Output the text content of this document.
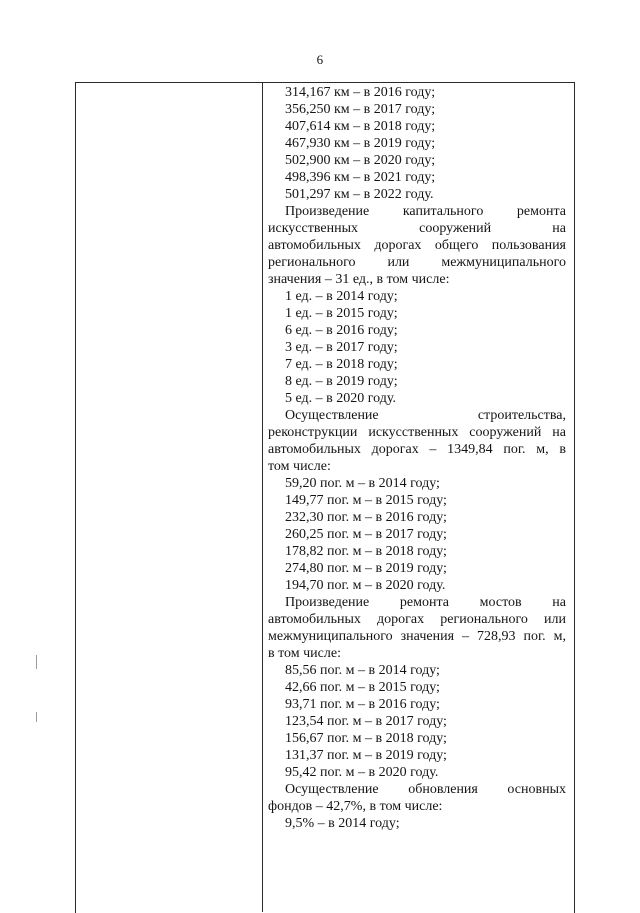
6
314,167 км – в 2016 году;
356,250 км – в 2017 году;
407,614 км – в 2018 году;
467,930 км – в 2019 году;
502,900 км – в 2020 году;
498,396 км – в 2021 году;
501,297 км – в 2022 году.
Произведение капитального ремонта
искусственных сооружений на
автомобильных дорогах общего пользования
регионального или межмуниципального
значения – 31 ед., в том числе:
1 ед. – в 2014 году;
1 ед. – в 2015 году;
6 ед. – в 2016 году;
3 ед. – в 2017 году;
7 ед. – в 2018 году;
8 ед. – в 2019 году;
5 ед. – в 2020 году.
Осуществление строительства,
реконструкции искусственных сооружений на
автомобильных дорогах – 1349,84 пог. м, в
том числе:
59,20 пог. м – в 2014 году;
149,77 пог. м – в 2015 году;
232,30 пог. м – в 2016 году;
260,25 пог. м – в 2017 году;
178,82 пог. м – в 2018 году;
274,80 пог. м – в 2019 году;
194,70 пог. м – в 2020 году.
Произведение ремонта мостов на
автомобильных дорогах регионального или
межмуниципального значения – 728,93 пог. м,
в том числе:
85,56 пог. м – в 2014 году;
42,66 пог. м – в 2015 году;
93,71 пог. м – в 2016 году;
123,54 пог. м – в 2017 году;
156,67 пог. м – в 2018 году;
131,37 пог. м – в 2019 году;
95,42 пог. м – в 2020 году.
Осуществление обновления основных
фондов – 42,7%, в том числе:
9,5% – в 2014 году;
